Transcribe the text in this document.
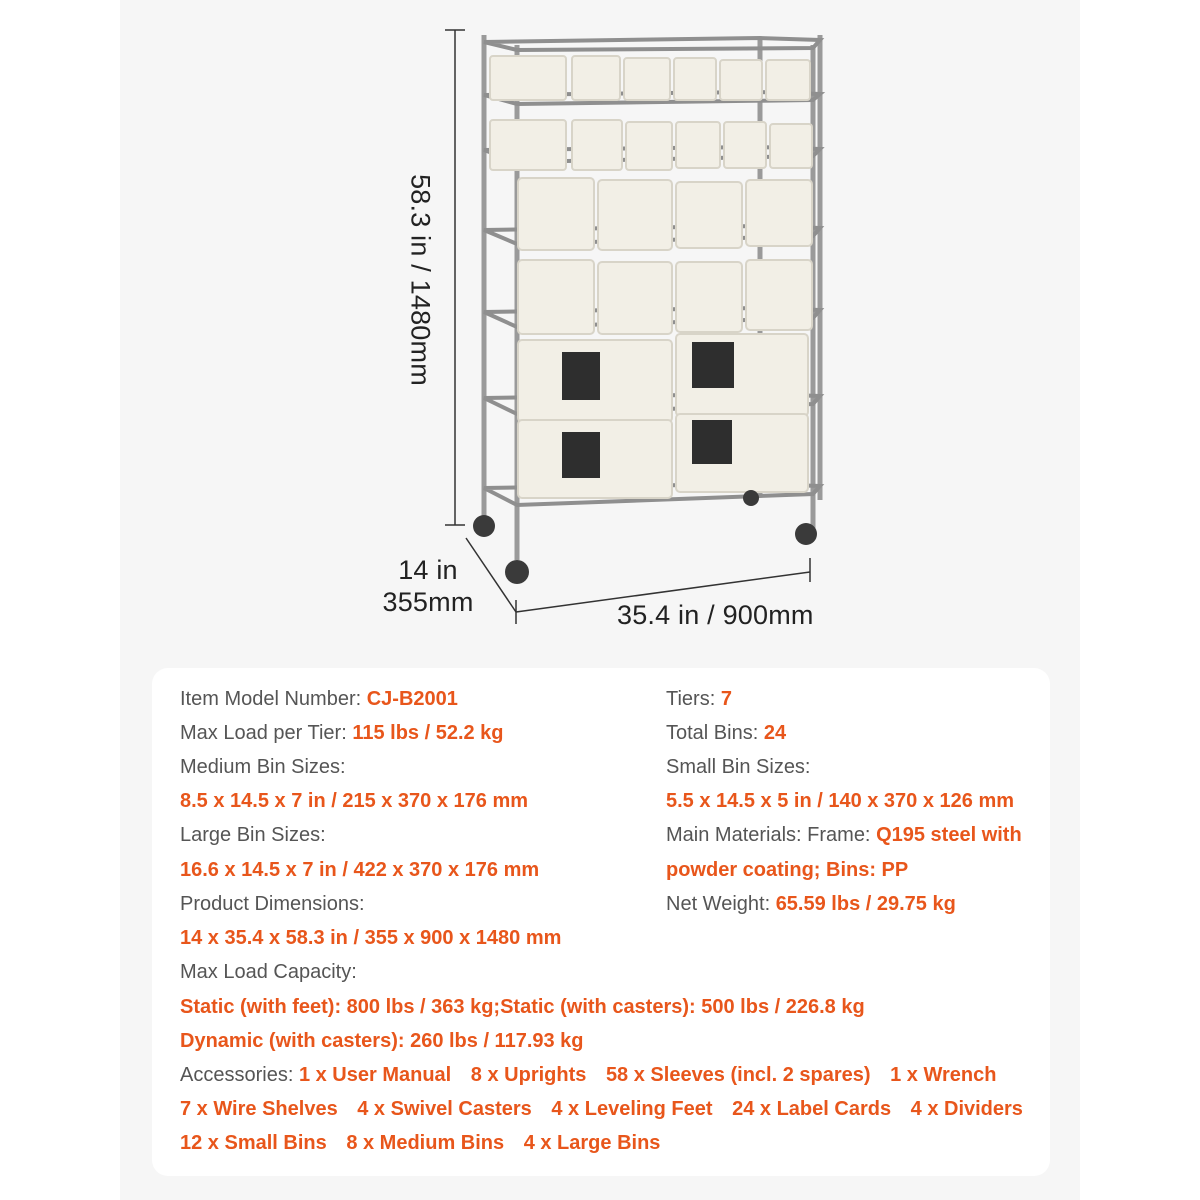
58.3 in / 1480mm
14 in
355mm	35.4 in / 900mm
Item Model Number: CJ-B2001
Max Load per Tier: 115 lbs / 52.2 kg
Medium Bin Sizes:
8.5 x 14.5 x 7 in / 215 x 370 x 176 mm
Large Bin Sizes:
16.6 x 14.5 x 7 in / 422 x 370 x 176 mm
Product Dimensions:
14 x 35.4 x 58.3 in / 355 x 900 x 1480 mm
Max Load Capacity:
Static (with feet): 800 lbs / 363 kg;Static (with casters): 500 lbs / 226.8 kg
Dynamic (with casters): 260 lbs / 117.93 kg
Tiers: 7
Total Bins: 24
Small Bin Sizes:
5.5 x 14.5 x 5 in / 140 x 370 x 126 mm
Main Materials: Frame: Q195 steel with
powder coating; Bins: PP
Net Weight: 65.59 lbs / 29.75 kg
Accessories: 1 x User Manual 8 x Uprights 58 x Sleeves (incl. 2 spares) 1 x Wrench
7 x Wire Shelves 4 x Swivel Casters 4 x Leveling Feet 24 x Label Cards 4 x Dividers
12 x Small Bins 8 x Medium Bins 4 x Large Bins
